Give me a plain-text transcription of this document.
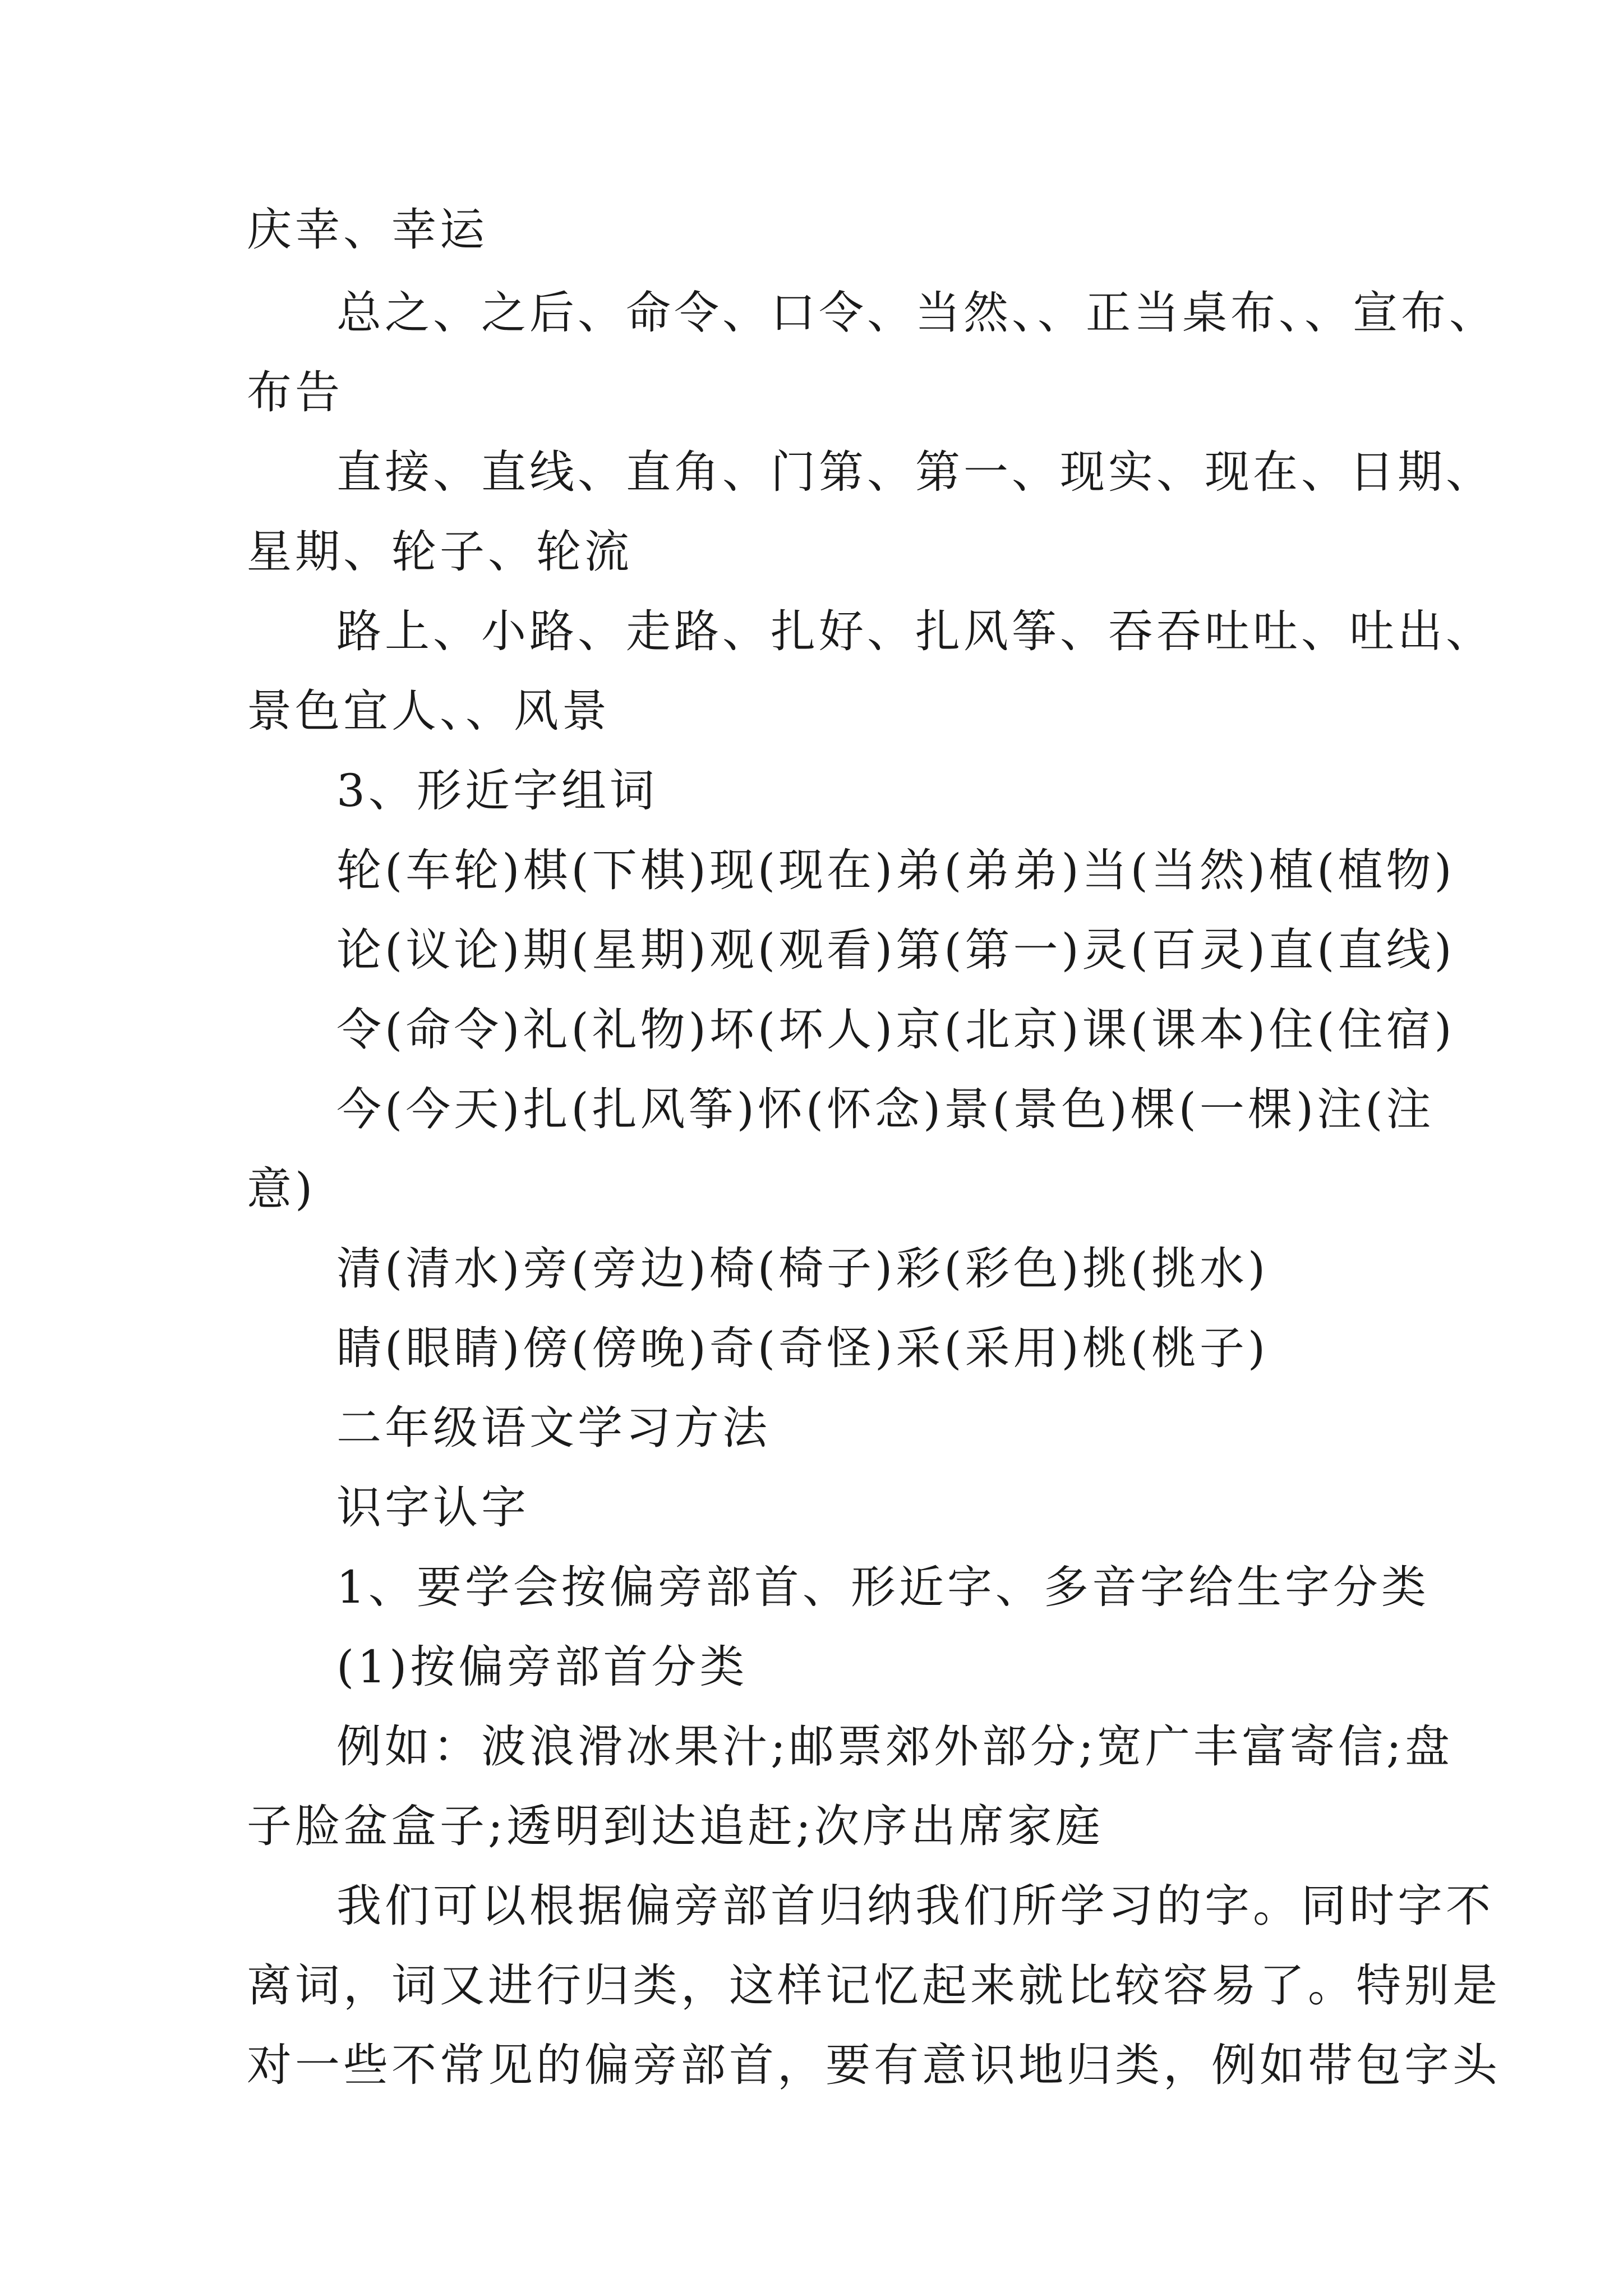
庆幸、幸运
总之、之后、命令、口令、当然、、正当桌布、、宣布、
布告
直接、直线、直角、门第、第一、现实、现在、日期、
星期、轮子、轮流
路上、小路、走路、扎好、扎风筝、吞吞吐吐、吐出、
景色宜人、、风景
3、形近字组词
轮(车轮)棋(下棋)现(现在)弟(弟弟)当(当然)植(植物)
论(议论)期(星期)观(观看)第(第一)灵(百灵)直(直线)
令(命令)礼(礼物)坏(坏人)京(北京)课(课本)住(住宿)
今(今天)扎(扎风筝)怀(怀念)景(景色)棵(一棵)注(注
意)
清(清水)旁(旁边)椅(椅子)彩(彩色)挑(挑水)
睛(眼睛)傍(傍晚)奇(奇怪)采(采用)桃(桃子)
二年级语文学习方法
识字认字
1、要学会按偏旁部首、形近字、多音字给生字分类
(1)按偏旁部首分类
例如：波浪滑冰果汁;邮票郊外部分;宽广丰富寄信;盘
子脸盆盒子;透明到达追赶;次序出席家庭
我们可以根据偏旁部首归纳我们所学习的字。同时字不
离词，词又进行归类，这样记忆起来就比较容易了。特别是
对一些不常见的偏旁部首，要有意识地归类，例如带包字头
